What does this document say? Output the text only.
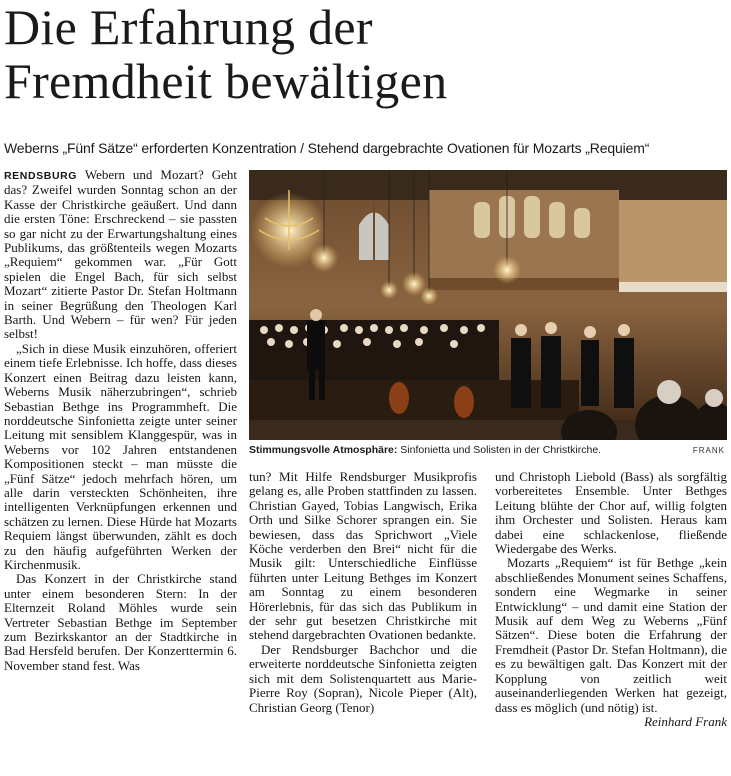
Die Erfahrung der
Fremdheit bewältigen
Weberns „Fünf Sätze“ erforderten Konzentration / Stehend dargebrachte Ovationen für Mozarts „Requiem“

RENDSBURG Webern und Mozart? Geht das? Zweifel wurden Sonntag schon an der Kasse der Christkirche geäußert. Und dann die ersten Töne: Erschreckend – sie passten so gar nicht zu der Erwartungshaltung eines Publikums, das größtenteils wegen Mozarts „Requiem“ gekommen war. „Für Gott spielen die Engel Bach, für sich selbst Mozart“ zitierte Pastor Dr. Stefan Holtmann in seiner Begrüßung den Theologen Karl Barth. Und Webern – für wen? Für jeden selbst!

„Sich in diese Musik einzuhören, offeriert einem tiefe Erlebnisse. Ich hoffe, dass dieses Konzert einen Beitrag dazu leisten kann, Weberns Musik näherzubringen“, schrieb Sebastian Bethge ins Programmheft. Die norddeutsche Sinfonietta zeigte unter seiner Leitung mit sensiblem Klanggespür, was in Weberns vor 102 Jahren entstandenen Kompositionen steckt – man müsste die „Fünf Sätze“ jedoch mehrfach hören, um alle darin versteckten Schönheiten, ihre intelligenten Verknüpfungen erkennen und schätzen zu lernen. Diese Hürde hat Mozarts Requiem längst überwunden, zählt es doch zu den häufig aufgeführten Werken der Kirchenmusik.

Das Konzert in der Christkirche stand unter einem besonderen Stern: In der Elternzeit Roland Möhles wurde sein Vertreter Sebastian Bethge im September zum Bezirkskantor an der Stadtkirche in Bad Hersfeld berufen. Der Konzerttermin 6. November stand fest. Was

Stimmungsvolle Atmosphäre: Sinfonietta und Solisten in der Christkirche.	FRANK

tun? Mit Hilfe Rendsburger Musikprofis gelang es, alle Proben stattfinden zu lassen. Christian Gayed, Tobias Langwisch, Erika Orth und Silke Schorer sprangen ein. Sie bewiesen, dass das Sprichwort „Viele Köche verderben den Brei“ nicht für die Musik gilt: Unterschiedliche Einflüsse führten unter Leitung Bethges im Konzert am Sonntag zu einem besonderen Hörerlebnis, für das sich das Publikum in der sehr gut besetzen Christkirche mit stehend dargebrachten Ovationen bedankte.

Der Rendsburger Bachchor und die erweiterte norddeutsche Sinfonietta zeigten sich mit dem Solistenquartett aus Marie-Pierre Roy (Sopran), Nicole Pieper (Alt), Christian Georg (Tenor)

und Christoph Liebold (Bass) als sorgfältig vorbereitetes Ensemble. Unter Bethges Leitung blühte der Chor auf, willig folgten ihm Orchester und Solisten. Heraus kam dabei eine schlackenlose, fließende Wiedergabe des Werks.

Mozarts „Requiem“ ist für Bethge „kein abschließendes Monument seines Schaffens, sondern eine Wegmarke in seiner Entwicklung“ – und damit eine Station der Musik auf dem Weg zu Weberns „Fünf Sätzen“. Diese boten die Erfahrung der Fremdheit (Pastor Dr. Stefan Holtmann), die es zu bewältigen galt. Das Konzert mit der Kopplung von zeitlich weit auseinanderliegenden Werken hat gezeigt, dass es möglich (und nötig) ist.
Reinhard Frank
